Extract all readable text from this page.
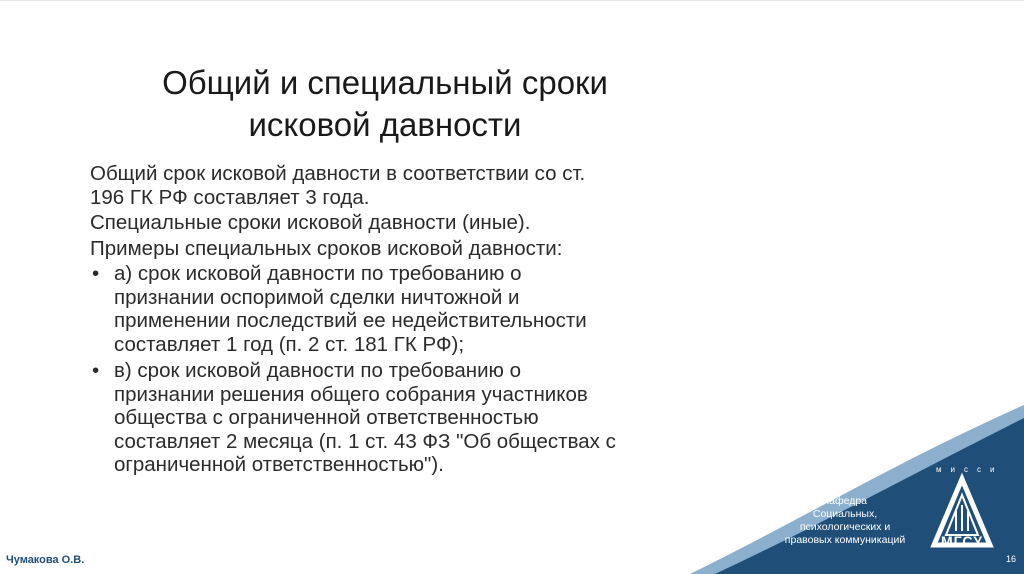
Общий и специальный сроки
исковой давности
Общий срок исковой давности в соответствии со ст.
196 ГК РФ составляет 3 года.
Специальные сроки исковой давности (иные).
Примеры специальных сроков исковой давности:
• а) срок исковой давности по требованию о
признании оспоримой сделки ничтожной и
применении последствий ее недействительности
составляет 1 год (п. 2 ст. 181 ГК РФ);
• в) срок исковой давности по требованию о
признании решения общего собрания участников
общества с ограниченной ответственностью
составляет 2 месяца (п. 1 ст. 43 ФЗ "Об обществах с
ограниченной ответственностью").
Кафедра
Социальных,
психологических и
правовых коммуникаций
мисси
МГСУ
16
Чумакова О.В.
